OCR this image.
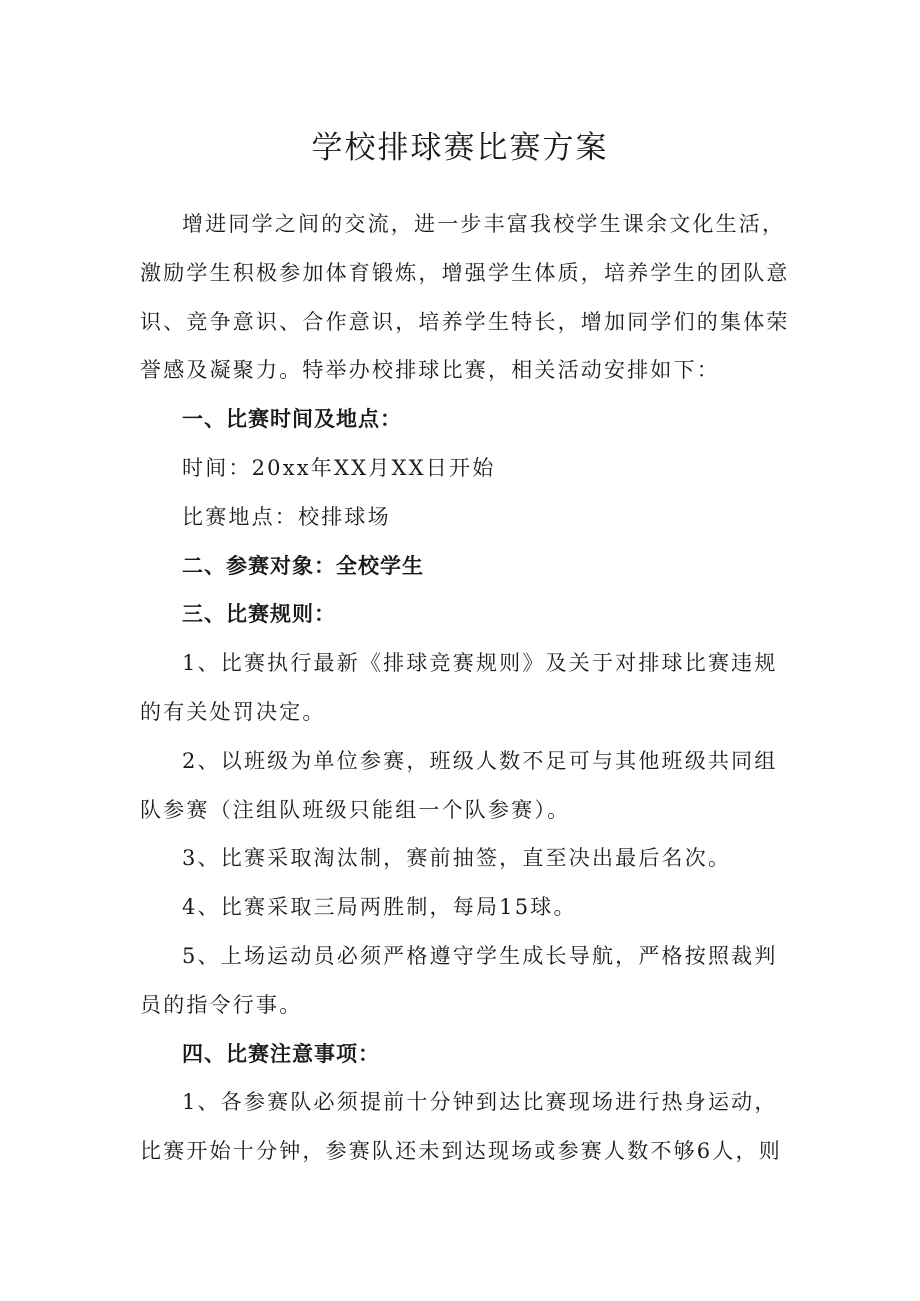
学校排球赛比赛方案

增进同学之间的交流，进一步丰富我校学生课余文化生活，激励学生积极参加体育锻炼，增强学生体质，培养学生的团队意识、竞争意识、合作意识，培养学生特长，增加同学们的集体荣誉感及凝聚力。特举办校排球比赛，相关活动安排如下：

一、比赛时间及地点：

时间：20xx年XX月XX日开始

比赛地点：校排球场

二、参赛对象：全校学生

三、比赛规则：

1、比赛执行最新《排球竞赛规则》及关于对排球比赛违规的有关处罚决定。

2、以班级为单位参赛，班级人数不足可与其他班级共同组队参赛（注组队班级只能组一个队参赛）。

3、比赛采取淘汰制，赛前抽签，直至决出最后名次。

4、比赛采取三局两胜制，每局15球。

5、上场运动员必须严格遵守学生成长导航，严格按照裁判员的指令行事。

四、比赛注意事项：

1、各参赛队必须提前十分钟到达比赛现场进行热身运动，比赛开始十分钟，参赛队还未到达现场或参赛人数不够6人，则
